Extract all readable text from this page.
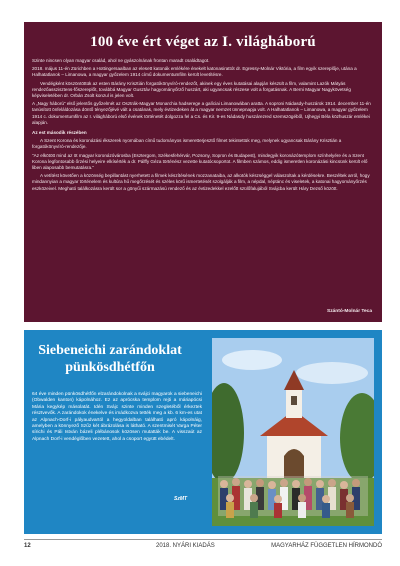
100 éve ért véget az I. világháború

Szinte nincsen olyan magyar család, ahol ne gyászolnának frontan maradt családtagot.

2018. május 11-én Zürichben a Hottingersaalban az elesett katonák emlékére énekelt katonasirattót dr. Egressy-Molnár Viktória, a film egyik szereplője, utána a Halhatatlanok – Limanowa, a magyar győzelem 1914 című dokumentumfilm került levetítésre.

Vendégként köszöntöttük az esten Bárány Krisztián forgatókönyvíró-rendezőt, akinek egy éves kutatásai alapján készült a film, valamint Lazók Mátyás rendezőasszisztens-főszereplőt, továbbá Magyar Gusztáv hagyományőrző huszárt, aki ugyancsak részese volt a forgatásnak. A Berni Magyar Nagykövetség képviseletében dr. Orbán Zsolt konzul is jelen volt.

A „Nagy háború" első jelentős győzelmét az Osztrák-Magyar Monarchia hadserege a galíciai Limanowában aratta. A soproni Nádasdy-huszárok 1914. december 11-én tanúsított önfeláldozása döntő tényezőjévé vált a csatának, mely évtizedeken át a magyar nemzet ünnepnapja volt. A Halhatatlanok – Limanowa, a magyar győzelem 1914 c. dokumentumfilm az I. világháború első évének történetét dolgozza fel a Cs. és Kir. 9-es Nádasdy huszárezred szemszögéből, Ujhegyi Béla közhuszár emlékei alapján.

Az est második részében

A Szent Korona és koronázási ékszerek nyomában című tudományos ismeretterjesztő filmet tekintettük meg, melynek ugyancsak Bárány Krisztián a forgatókönyvíró-rendezője.

"Az elkötött mind az öt magyar koronázóvárosba (Esztergom, Székesfehérvár, Pozsony, Sopron és Budapest), mindegyik koronázótemplom színhelyére és a Szent Korona legfontosabb őrzési helyeire elkísérték a dr. Pálffy Géza történész vezette kutatócsoportot. A filmben számos, eddig ismeretlen koronázási kincsünk került elő liben alaposabb bemutatásra."

A vetítést követően a közönség bepillantást nyerhetett a filmek készítésének mozzanataiba, az alkotók készséggel válaszoltak a kérdésekre. Beszéltek arról, hogy mindannyian a magyar történelem és kultúra hű megőrzését és széles körű ismertetését szolgálják a film, a népdal, néptánc és viseletek, a katonai hagyományőrzés eszközeivel. Megható találkozásra került sor a gönyűi származású rendező és az évtizedekkel ezelőtt szülőfalujából Svájcba került Háry Dezső között.

Szántó-Molnár Teca
Siebeneichi zarándoklat
pünkösdhétfőn

64 éve minden pünkösdhétfőn elzarándokolnak a svájci magyarok a siebeneichi (Obwalden kanton) kápolnához. Ez az aprócska templom rejti a máriapócsi Mária kegykép másolatát. Idén Svájc szinte minden szegletéből érkeztek résztvevők. A zarándokok énekelve és imádkozva tették meg a kb. 6 km-es utat az Alpnach-Dorf-i pályaudvartól a hegyoldalban található apró kápolnáig, amelyben a könnyező Szűz két ábrázolása is látható. A szentmisét Varga Péter sírichi és Páli István bázeli plébánosok közösen mutatták be. A visszaút az Alpnach Dorf-i vendéglőben vezetett, ahol a csoport együtt ebédelt.

SzMT
12	2018. NYÁRI KIADÁS	MAGYARHÁZ FÜGGETLEN HÍRMONDÓ
